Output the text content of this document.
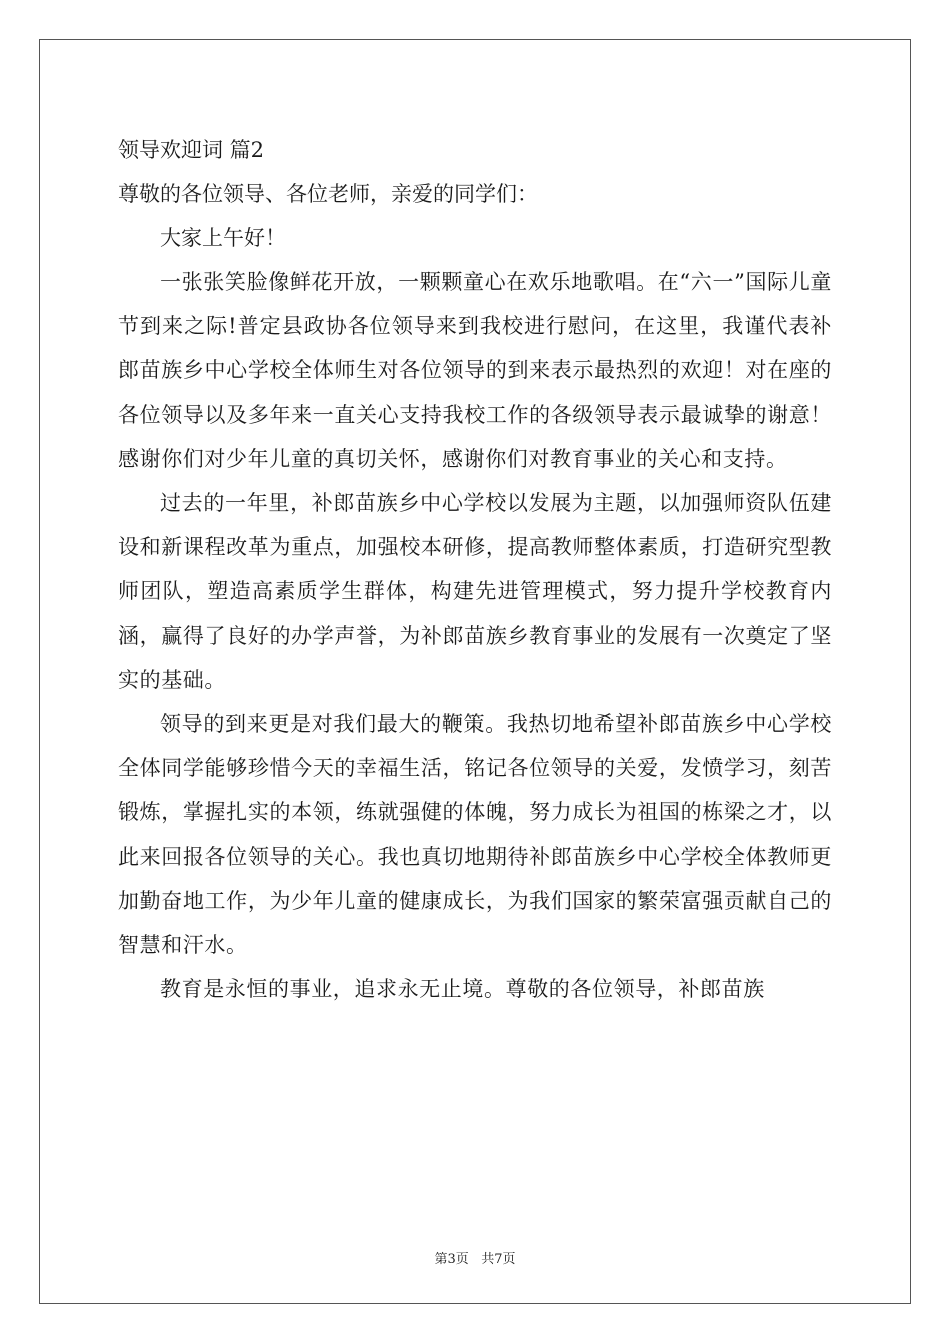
领导欢迎词 篇2

尊敬的各位领导、各位老师，亲爱的同学们：

大家上午好！

一张张笑脸像鲜花开放，一颗颗童心在欢乐地歌唱。在“六一”国际儿童节到来之际!普定县政协各位领导来到我校进行慰问，在这里，我谨代表补郎苗族乡中心学校全体师生对各位领导的到来表示最热烈的欢迎！对在座的各位领导以及多年来一直关心支持我校工作的各级领导表示最诚挚的谢意！感谢你们对少年儿童的真切关怀，感谢你们对教育事业的关心和支持。

过去的一年里，补郎苗族乡中心学校以发展为主题，以加强师资队伍建设和新课程改革为重点，加强校本研修，提高教师整体素质，打造研究型教师团队，塑造高素质学生群体，构建先进管理模式，努力提升学校教育内涵，赢得了良好的办学声誉，为补郎苗族乡教育事业的发展有一次奠定了坚实的基础。

领导的到来更是对我们最大的鞭策。我热切地希望补郎苗族乡中心学校全体同学能够珍惜今天的幸福生活，铭记各位领导的关爱，发愤学习，刻苦锻炼，掌握扎实的本领，练就强健的体魄，努力成长为祖国的栋梁之才，以此来回报各位领导的关心。我也真切地期待补郎苗族乡中心学校全体教师更加勤奋地工作，为少年儿童的健康成长，为我们国家的繁荣富强贡献自己的智慧和汗水。

教育是永恒的事业，追求永无止境。尊敬的各位领导，补郎苗族

第3页 共7页
